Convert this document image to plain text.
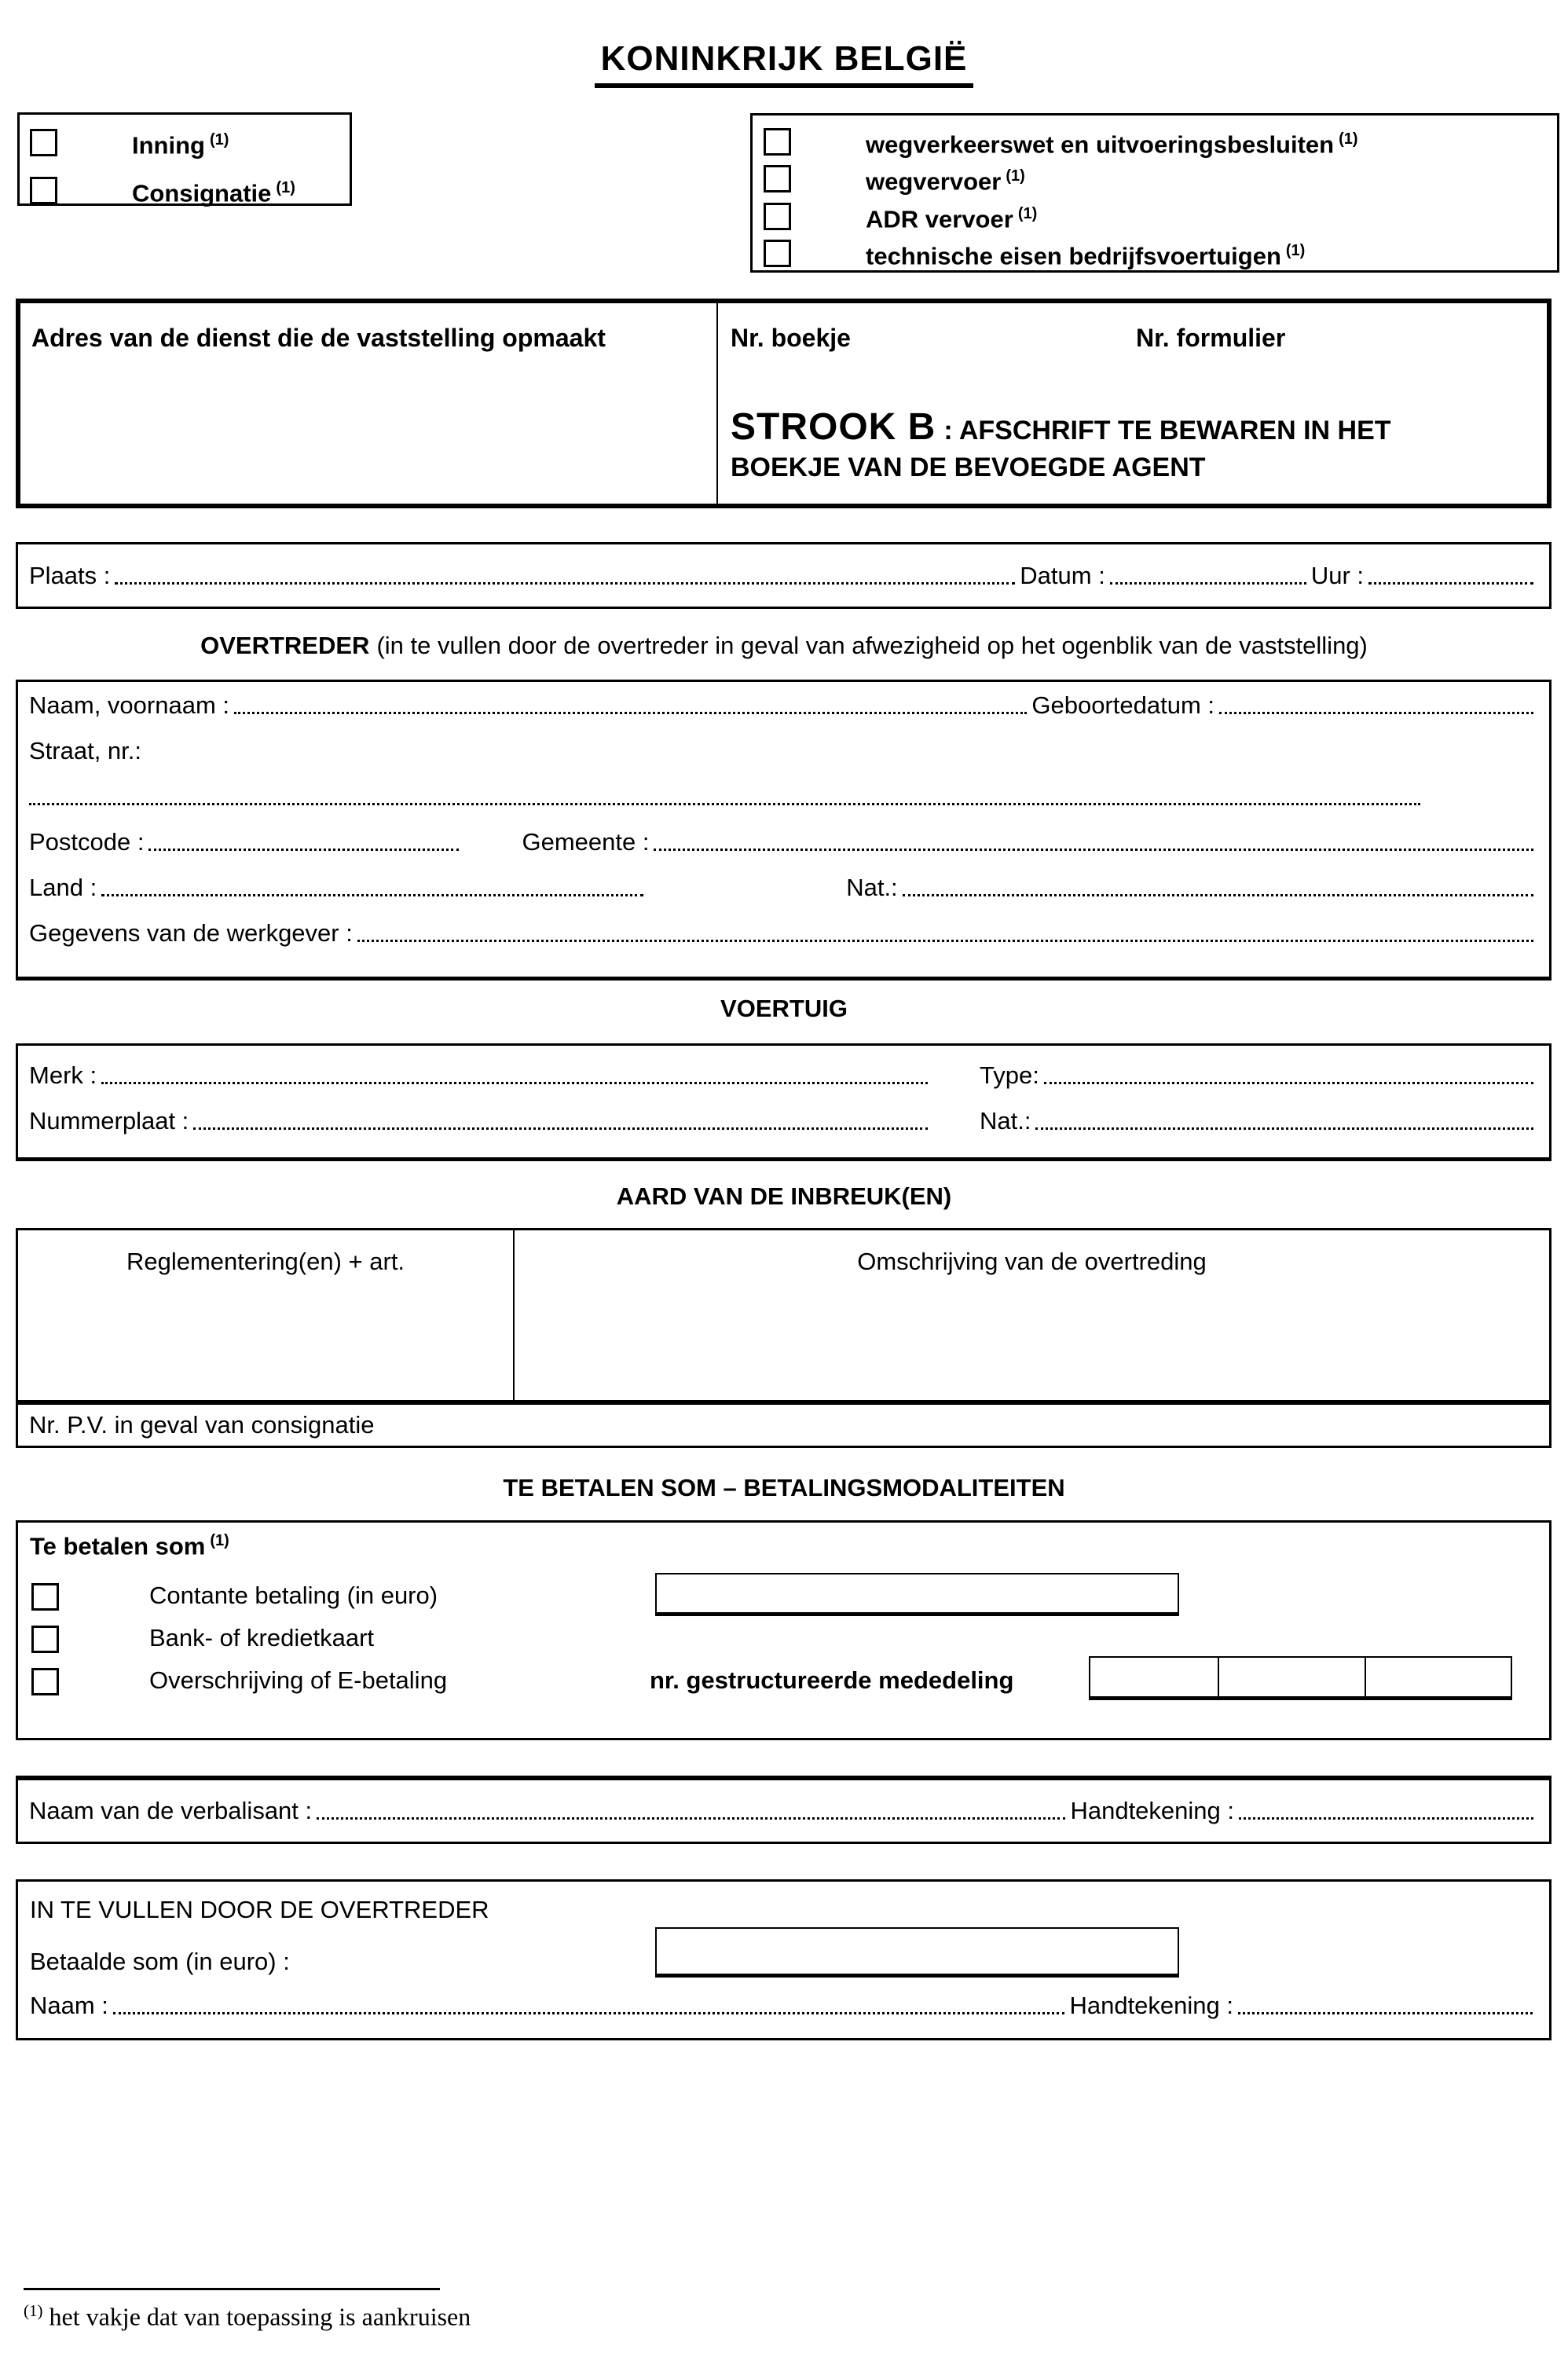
KONINKRIJK BELGIË
Inning $^{(1)}$
Consignatie $^{(1)}$
wegverkeerswet en uitvoeringsbesluiten $^{(1)}$
wegvervoer $^{(1)}$
ADR vervoer $^{(1)}$
technische eisen bedrijfsvoertuigen $^{(1)}$
Adres van de dienst die de vaststelling opmaakt	Nr. boekje	Nr. formulier
STROOK B : AFSCHRIFT TE BEWAREN IN HET
BOEKJE VAN DE BEVOEGDE AGENT
Plaats :	Datum :	Uur :
OVERTREDER (in te vullen door de overtreder in geval van afwezigheid op het ogenblik van de vaststelling)
Naam, voornaam :	Geboortedatum :
Straat, nr.:
Postcode :	Gemeente :
Land :	Nat.:
Gegevens van de werkgever :
VOERTUIG
Merk :	Type:
Nummerplaat :	Nat.:
AARD VAN DE INBREUK(EN)
Reglementering(en) + art.	Omschrijving van de overtreding
Nr. P.V. in geval van consignatie
TE BETALEN SOM – BETALINGSMODALITEITEN
Te betalen som $^{(1)}$
Contante betaling (in euro)
Bank- of kredietkaart
Overschrijving of E-betaling	nr. gestructureerde mededeling
Naam van de verbalisant :	Handtekening :
IN TE VULLEN DOOR DE OVERTREDER
Betaalde som (in euro) :
Naam :	Handtekening :
$^{(1)}$ het vakje dat van toepassing is aankruisen
